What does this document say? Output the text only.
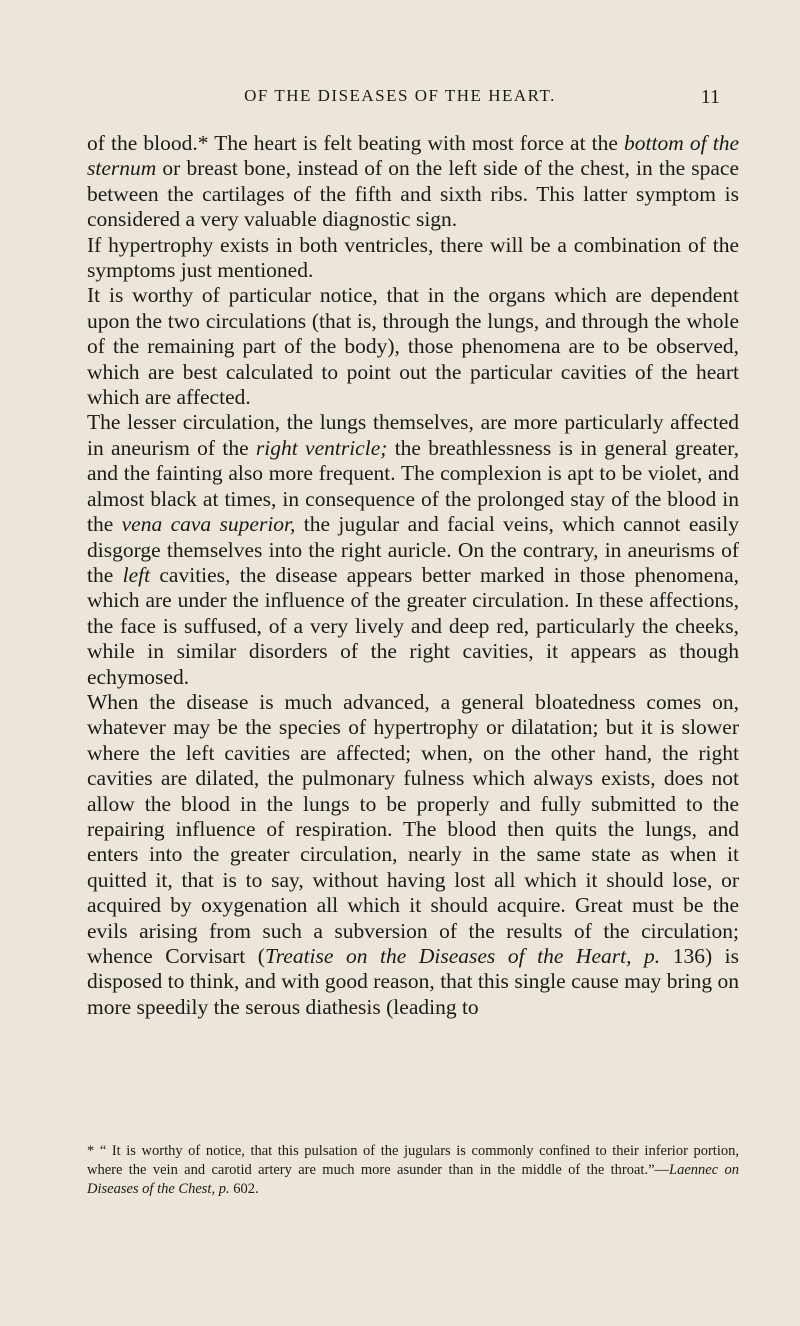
OF THE DISEASES OF THE HEART.	11

of the blood.* The heart is felt beating with most force at the bottom of the sternum or breast bone, instead of on the left side of the chest, in the space between the cartilages of the fifth and sixth ribs. This latter symptom is considered a very valuable diagnostic sign.

If hypertrophy exists in both ventricles, there will be a combination of the symptoms just mentioned.

It is worthy of particular notice, that in the organs which are dependent upon the two circulations (that is, through the lungs, and through the whole of the remaining part of the body), those phenomena are to be observed, which are best calculated to point out the particular cavities of the heart which are affected.

The lesser circulation, the lungs themselves, are more particularly affected in aneurism of the right ventricle; the breathlessness is in general greater, and the fainting also more frequent. The complexion is apt to be violet, and almost black at times, in consequence of the prolonged stay of the blood in the vena cava superior, the jugular and facial veins, which cannot easily disgorge themselves into the right auricle. On the contrary, in aneurisms of the left cavities, the disease appears better marked in those phenomena, which are under the influence of the greater circulation. In these affections, the face is suffused, of a very lively and deep red, particularly the cheeks, while in similar disorders of the right cavities, it appears as though echymosed.

When the disease is much advanced, a general bloatedness comes on, whatever may be the species of hypertrophy or dilatation; but it is slower where the left cavities are affected; when, on the other hand, the right cavities are dilated, the pulmonary fulness which always exists, does not allow the blood in the lungs to be properly and fully submitted to the repairing influence of respiration. The blood then quits the lungs, and enters into the greater circulation, nearly in the same state as when it quitted it, that is to say, without having lost all which it should lose, or acquired by oxygenation all which it should acquire. Great must be the evils arising from such a subversion of the results of the circulation; whence Corvisart (Treatise on the Diseases of the Heart, p. 136) is disposed to think, and with good reason, that this single cause may bring on more speedily the serous diathesis (leading to

* “ It is worthy of notice, that this pulsation of the jugulars is commonly confined to their inferior portion, where the vein and carotid artery are much more asunder than in the middle of the throat.”—Laennec on Diseases of the Chest, p. 602.
